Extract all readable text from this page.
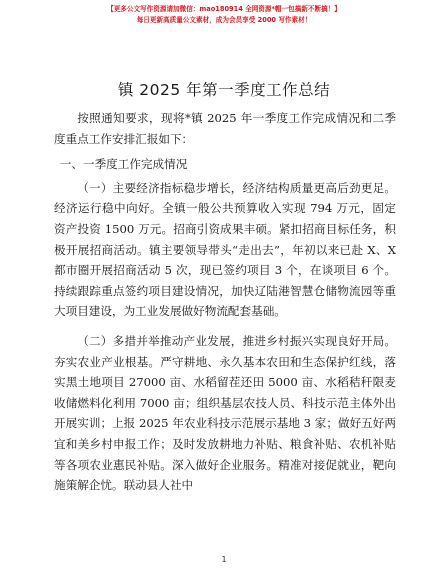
【更多公文写作资源请加微信：mao180914 全网资源*帽一包搞新不断搞！】
每日更新高质量公文素材，成为会员享受 2000 写作素材！
镇 2025 年第一季度工作总结

按照通知要求，现将*镇 2025 年一季度工作完成情况和二季度重点工作安排汇报如下：

一、一季度工作完成情况

（一）主要经济指标稳步增长，经济结构质量更高后劲更足。经济运行稳中向好。全镇一般公共预算收入实现 794 万元，固定资产投资 1500 万元。招商引资成果丰硕。紧扣招商目标任务，积极开展招商活动。镇主要领导带头“走出去”，年初以来已赴 X、X 都市圈开展招商活动 5 次，现已签约项目 3 个，在谈项目 6 个。持续跟踪重点签约项目建设情况，加快辽陆港智慧仓储物流园等重大项目建设，为工业发展做好物流配套基础。

（二）多措并举推动产业发展，推进乡村振兴实现良好开局。夯实农业产业根基。严守耕地、永久基本农田和生态保护红线，落实黑土地项目 27000 亩、水稻留茬还田 5000 亩、水稻秸秆限麦收储燃料化利用 7000 亩；组织基层农技人员、科技示范主体外出开展实训；上报 2025 年农业科技示范展示基地 3 家；做好五好两宜和美乡村申报工作；及时发放耕地力补贴、粮食补贴、农机补贴等各项农业惠民补贴。深入做好企业服务。精准对接促就业，靶向施策解企忧。联动县人社中

1
